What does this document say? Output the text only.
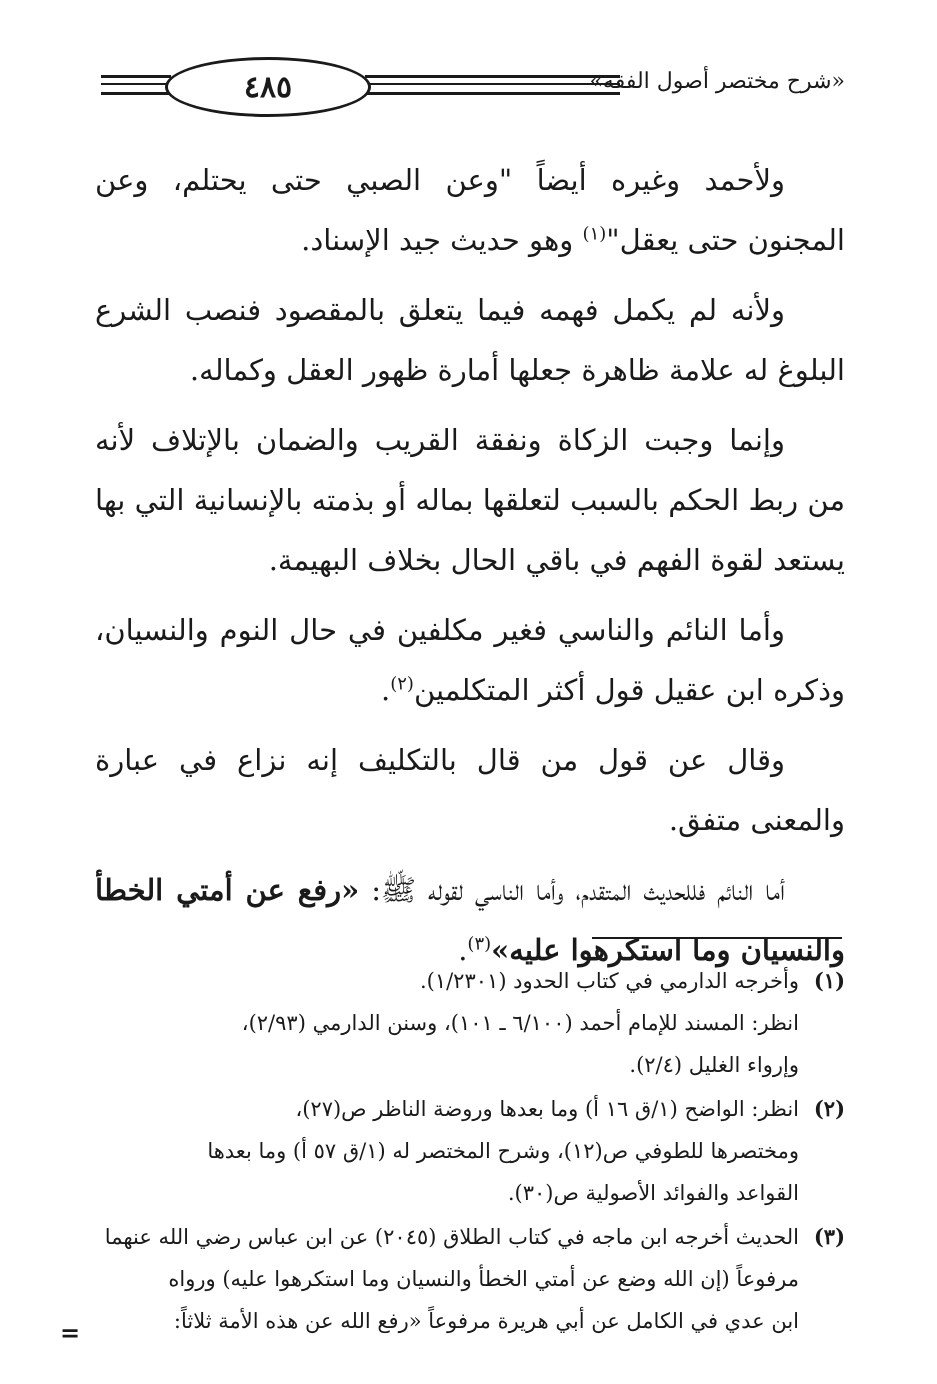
٤٨٥	«شرح مختصر أصول الفقه»

ولأحمد وغيره أيضاً "وعن الصبي حتى يحتلم، وعن المجنون حتى يعقل"$^{(١)}$ وهو حديث جيد الإسناد.

ولأنه لم يكمل فهمه فيما يتعلق بالمقصود فنصب الشرع البلوغ له علامة ظاهرة جعلها أمارة ظهور العقل وكماله.

وإنما وجبت الزكاة ونفقة القريب والضمان بالإتلاف لأنه من ربط الحكم بالسبب لتعلقها بماله أو بذمته بالإنسانية التي بها يستعد لقوة الفهم في باقي الحال بخلاف البهيمة.

وأما النائم والناسي فغير مكلفين في حال النوم والنسيان، وذكره ابن عقيل قول أكثر المتكلمين$^{(٢)}$.

وقال عن قول من قال بالتكليف إنه نزاع في عبارة والمعنى متفق.

أما النائم فللحديث المتقدم، وأما الناسي لقوله ﷺ: «رفع عن أمتي الخطأ والنسيان وما استكرهوا عليه»$^{(٣)}$.

(١)
وأخرجه الدارمي في كتاب الحدود (١/٢٣٠١).
انظر: المسند للإمام أحمد (٦/١٠٠ ـ ١٠١)، وسنن الدارمي (٢/٩٣)،
وإرواء الغليل (٢/٤).
(٢)
انظر: الواضح (١/ق ١٦ أ) وما بعدها وروضة الناظر ص(٢٧)،
ومختصرها للطوفي ص(١٢)، وشرح المختصر له (١/ق ٥٧ أ) وما بعدها
القواعد والفوائد الأصولية ص(٣٠).
(٣)
الحديث أخرجه ابن ماجه في كتاب الطلاق (٢٠٤٥) عن ابن عباس رضي الله عنهما
مرفوعاً (إن الله وضع عن أمتي الخطأ والنسيان وما استكرهوا عليه) ورواه
ابن عدي في الكامل عن أبي هريرة مرفوعاً «رفع الله عن هذه الأمة ثلاثاً:
=
